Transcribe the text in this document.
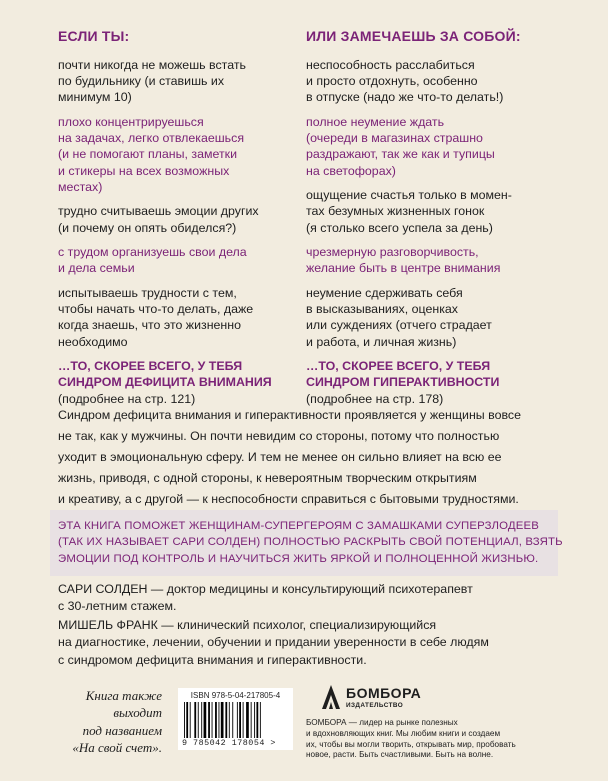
ЕСЛИ ТЫ:
почти никогда не можешь встать
по будильнику (и ставишь их
минимум 10)
плохо концентрируешься
на задачах, легко отвлекаешься
(и не помогают планы, заметки
и стикеры на всех возможных
местах)
трудно считываешь эмоции других
(и почему он опять обиделся?)
с трудом организуешь свои дела
и дела семьи
испытываешь трудности с тем,
чтобы начать что-то делать, даже
когда знаешь, что это жизненно
необходимо
…ТО, СКОРЕЕ ВСЕГО, У ТЕБЯ
СИНДРОМ ДЕФИЦИТА ВНИМАНИЯ
(подробнее на стр. 121)
ИЛИ ЗАМЕЧАЕШЬ ЗА СОБОЙ:
неспособность расслабиться
и просто отдохнуть, особенно
в отпуске (надо же что-то делать!)
полное неумение ждать
(очереди в магазинах страшно
раздражают, так же как и тупицы
на светофорах)
ощущение счастья только в момен-
тах безумных жизненных гонок
(я столько всего успела за день)
чрезмерную разговорчивость,
желание быть в центре внимания
неумение сдерживать себя
в высказываниях, оценках
или суждениях (отчего страдает
и работа, и личная жизнь)
…ТО, СКОРЕЕ ВСЕГО, У ТЕБЯ
СИНДРОМ ГИПЕРАКТИВНОСТИ
(подробнее на стр. 178)
Синдром дефицита внимания и гиперактивности проявляется у женщины вовсе
не так, как у мужчины. Он почти невидим со стороны, потому что полностью
уходит в эмоциональную сферу. И тем не менее он сильно влияет на всю ее
жизнь, приводя, с одной стороны, к невероятным творческим открытиям
и креативу, а с другой — к неспособности справиться с бытовыми трудностями.
ЭТА КНИГА ПОМОЖЕТ ЖЕНЩИНАМ-СУПЕРГЕРОЯМ С ЗАМАШКАМИ СУПЕРЗЛОДЕЕВ
(ТАК ИХ НАЗЫВАЕТ САРИ СОЛДЕН) ПОЛНОСТЬЮ РАСКРЫТЬ СВОЙ ПОТЕНЦИАЛ, ВЗЯТЬ
ЭМОЦИИ ПОД КОНТРОЛЬ И НАУЧИТЬСЯ ЖИТЬ ЯРКОЙ И ПОЛНОЦЕННОЙ ЖИЗНЬЮ.
САРИ СОЛДЕН — доктор медицины и консультирующий психотерапевт
с 30-летним стажем.
МИШЕЛЬ ФРАНК — клинический психолог, специализирующийся
на диагностике, лечении, обучении и придании уверенности в себе людям
с синдромом дефицита внимания и гиперактивности.
Книга также
выходит
под названием
«На свой счет».
ISBN 978-5-04-217805-4
9 785042 178054 >
БОМБОРА
ИЗДАТЕЛЬСТВО
БОМБОРА — лидер на рынке полезных
и вдохновляющих книг. Мы любим книги и создаем
их, чтобы вы могли творить, открывать мир, пробовать
новое, расти. Быть счастливыми. Быть на волне.
